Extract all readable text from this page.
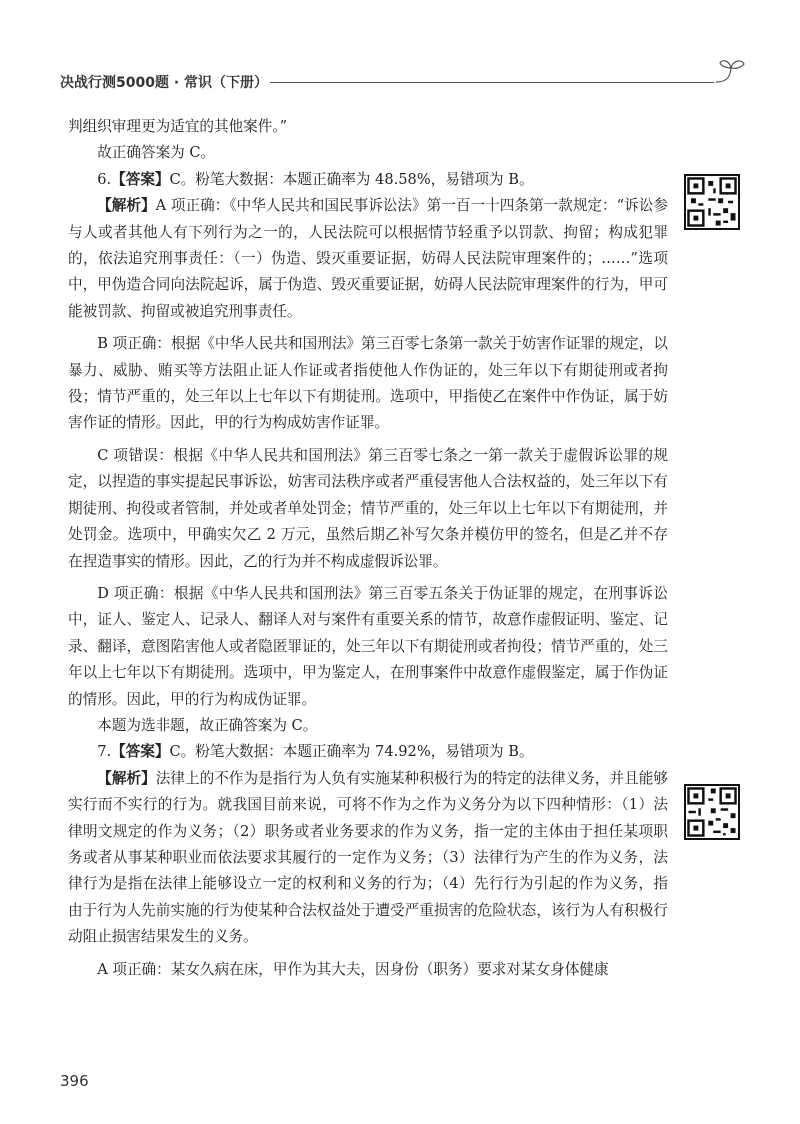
决战行测5000题 · 常识（下册）

判组织审理更为适宜的其他案件。”

故正确答案为 C。

6.【答案】C。粉笔大数据：本题正确率为 48.58%，易错项为 B。

【解析】A 项正确：《中华人民共和国民事诉讼法》第一百一十四条第一款规定：“诉讼参与人或者其他人有下列行为之一的，人民法院可以根据情节轻重予以罚款、拘留；构成犯罪的，依法追究刑事责任：（一）伪造、毁灭重要证据，妨碍人民法院审理案件的；……”选项中，甲伪造合同向法院起诉，属于伪造、毁灭重要证据，妨碍人民法院审理案件的行为，甲可能被罚款、拘留或被追究刑事责任。

B 项正确：根据《中华人民共和国刑法》第三百零七条第一款关于妨害作证罪的规定，以暴力、威胁、贿买等方法阻止证人作证或者指使他人作伪证的，处三年以下有期徒刑或者拘役；情节严重的，处三年以上七年以下有期徒刑。选项中，甲指使乙在案件中作伪证，属于妨害作证的情形。因此，甲的行为构成妨害作证罪。

C 项错误：根据《中华人民共和国刑法》第三百零七条之一第一款关于虚假诉讼罪的规定，以捏造的事实提起民事诉讼，妨害司法秩序或者严重侵害他人合法权益的，处三年以下有期徒刑、拘役或者管制，并处或者单处罚金；情节严重的，处三年以上七年以下有期徒刑，并处罚金。选项中，甲确实欠乙 2 万元，虽然后期乙补写欠条并模仿甲的签名，但是乙并不存在捏造事实的情形。因此，乙的行为并不构成虚假诉讼罪。

D 项正确：根据《中华人民共和国刑法》第三百零五条关于伪证罪的规定，在刑事诉讼中，证人、鉴定人、记录人、翻译人对与案件有重要关系的情节，故意作虚假证明、鉴定、记录、翻译，意图陷害他人或者隐匿罪证的，处三年以下有期徒刑或者拘役；情节严重的，处三年以上七年以下有期徒刑。选项中，甲为鉴定人，在刑事案件中故意作虚假鉴定，属于作伪证的情形。因此，甲的行为构成伪证罪。

本题为选非题，故正确答案为 C。

7.【答案】C。粉笔大数据：本题正确率为 74.92%，易错项为 B。

【解析】法律上的不作为是指行为人负有实施某种积极行为的特定的法律义务，并且能够实行而不实行的行为。就我国目前来说，可将不作为之作为义务分为以下四种情形：（1）法律明文规定的作为义务；（2）职务或者业务要求的作为义务，指一定的主体由于担任某项职务或者从事某种职业而依法要求其履行的一定作为义务；（3）法律行为产生的作为义务，法律行为是指在法律上能够设立一定的权利和义务的行为；（4）先行行为引起的作为义务，指由于行为人先前实施的行为使某种合法权益处于遭受严重损害的危险状态，该行为人有积极行动阻止损害结果发生的义务。

A 项正确：某女久病在床，甲作为其大夫，因身份（职务）要求对某女身体健康

396
